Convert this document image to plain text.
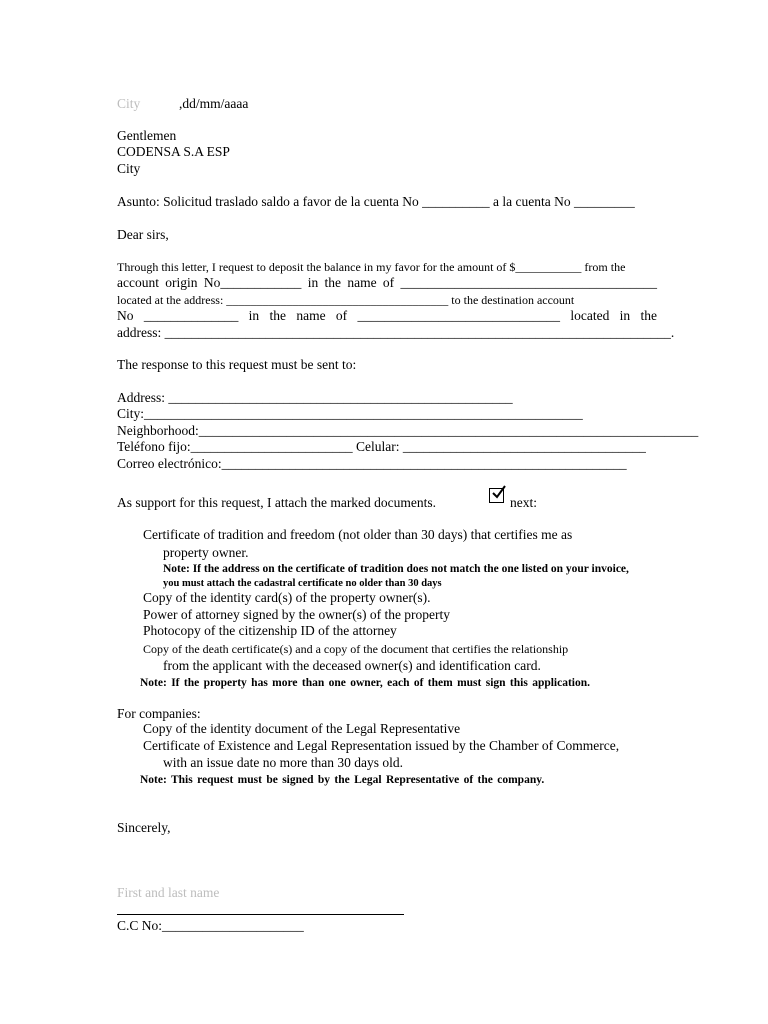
City	,dd/mm/aaaa
Gentlemen
CODENSA S.A ESP
City
Asunto: Solicitud traslado saldo a favor de la cuenta No __________ a la cuenta No _________
Dear sirs,
Through this letter, I request to deposit the balance in my favor for the amount of $___________ from the
account origin No____________ in the name of ______________________________________
located at the address: _____________________________________ to the destination account
No ______________ in the name of ______________________________ located in the
address: ___________________________________________________________________________.
The response to this request must be sent to:
Address: ___________________________________________________
City:_________________________________________________________________
Neighborhood:__________________________________________________________________________
Teléfono fijo:________________________ Celular: ____________________________________
Correo electrónico:____________________________________________________________
As support for this request, I attach the marked documents.	next:
Certificate of tradition and freedom (not older than 30 days) that certifies me as
property owner.
Note: If the address on the certificate of tradition does not match the one listed on your invoice,
you must attach the cadastral certificate no older than 30 days
Copy of the identity card(s) of the property owner(s).
Power of attorney signed by the owner(s) of the property
Photocopy of the citizenship ID of the attorney
Copy of the death certificate(s) and a copy of the document that certifies the relationship
from the applicant with the deceased owner(s) and identification card.
Note: If the property has more than one owner, each of them must sign this application.
For companies:
Copy of the identity document of the Legal Representative
Certificate of Existence and Legal Representation issued by the Chamber of Commerce,
with an issue date no more than 30 days old.
Note: This request must be signed by the Legal Representative of the company.
Sincerely,
First and last name
C.C No:_____________________
